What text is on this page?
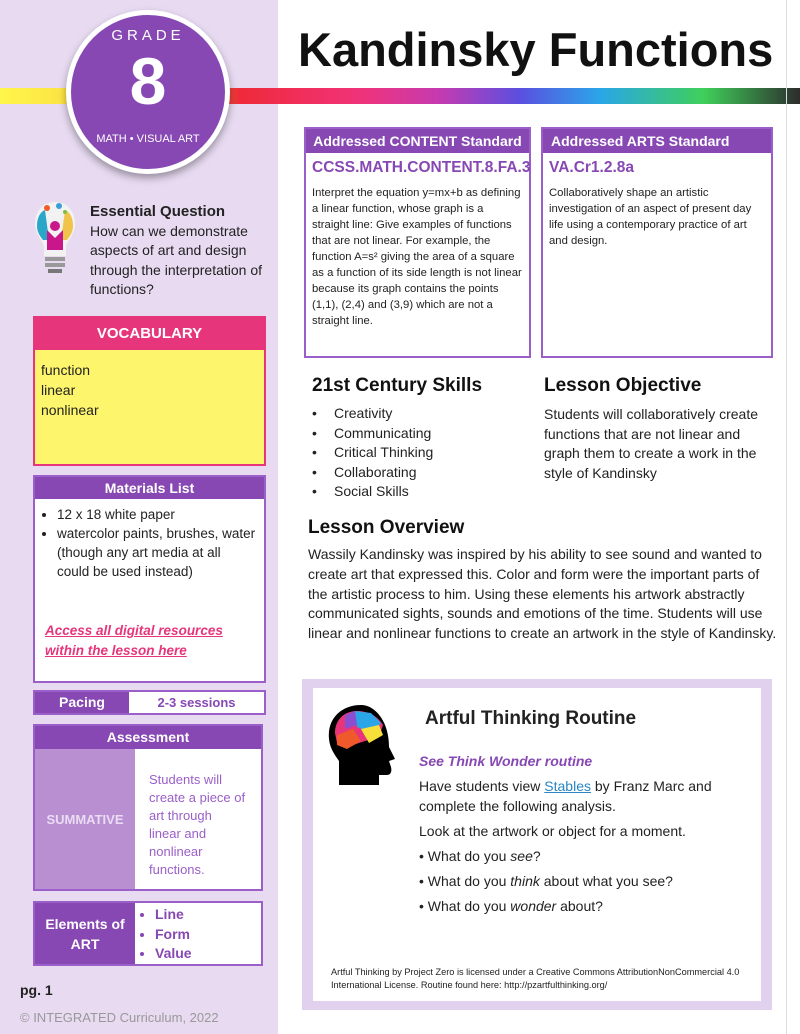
GRADE
8
MATH • VISUAL ART
Kandinsky Functions
Essential Question
How can we demonstrate aspects of art and design through the interpretation of functions?
VOCABULARY
function
linear
nonlinear
Materials List
• 12 x 18 white paper
• watercolor paints, brushes, water (though any art media at all could be used instead)
Access all digital resources within the lesson here
Pacing	2-3 sessions
Assessment
SUMMATIVE
Students will create a piece of art through linear and nonlinear functions.
Elements of ART
• Line
• Form
• Value
pg. 1
© INTEGRATED Curriculum, 2022
Addressed CONTENT Standard
CCSS.MATH.CONTENT.8.FA.3
Interpret the equation y=mx+b as defining a linear function, whose graph is a straight line: Give examples of functions that are not linear. For example, the function A=s² giving the area of a square as a function of its side length is not linear because its graph contains the points (1,1), (2,4) and (3,9) which are not a straight line.
Addressed ARTS Standard
VA.Cr1.2.8a
Collaboratively shape an artistic investigation of an aspect of present day life using a contemporary practice of art and design.
21st Century Skills
• Creativity
• Communicating
• Critical Thinking
• Collaborating
• Social Skills
Lesson Objective
Students will collaboratively create functions that are not linear and graph them to create a work in the style of Kandinsky
Lesson Overview
Wassily Kandinsky was inspired by his ability to see sound and wanted to create art that expressed this. Color and form were the important parts of the artistic process to him. Using these elements his artwork abstractly communicated sights, sounds and emotions of the time. Students will use linear and nonlinear functions to create an artwork in the style of Kandinsky.
Artful Thinking Routine
See Think Wonder routine

Have students view Stables by Franz Marc and complete the following analysis.

Look at the artwork or object for a moment.

• What do you see?

• What do you think about what you see?

• What do you wonder about?

Artful Thinking by Project Zero is licensed under a Creative Commons AttributionNonCommercial 4.0 International License. Routine found here: http://pzartfulthinking.org/
